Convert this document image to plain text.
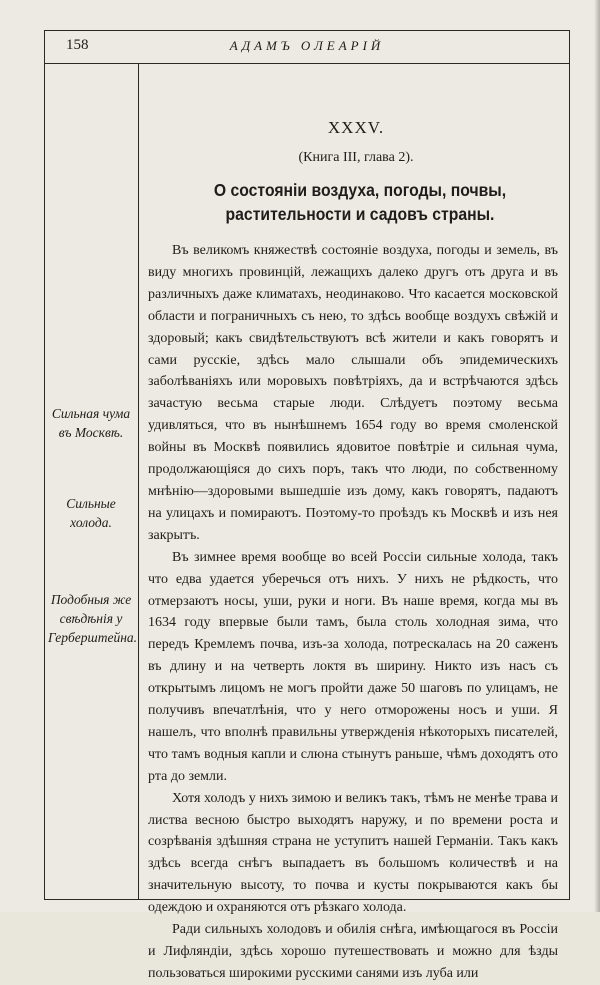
158	АДАМЪ ОЛЕАРІЙ
Сильная чума въ Москвѣ.
Сильные холода.
Подобныя же свѣдѣнія у Герберштейна.
XXXV.
(Книга III, глава 2).
О состояніи воздуха, погоды, почвы, растительности и садовъ страны.

Въ великомъ княжествѣ состояніе воздуха, погоды и земель, въ виду многихъ провинцій, лежащихъ далеко другъ отъ друга и въ различныхъ даже климатахъ, неодинаково. Что касается московской области и пограничныхъ съ нею, то здѣсь вообще воздухъ свѣжій и здоровый; какъ свидѣтельствуютъ всѣ жители и какъ говорятъ и сами русскіе, здѣсь мало слышали объ эпидемическихъ заболѣваніяхъ или моровыхъ повѣтріяхъ, да и встрѣчаются здѣсь зачастую весьма старые люди. Слѣдуетъ поэтому весьма удивляться, что въ нынѣшнемъ 1654 году во время смоленской войны въ Москвѣ появились ядовитое повѣтріе и сильная чума, продолжающіяся до сихъ поръ, такъ что люди, по собственному мнѣнію—здоровыми вышедшіе изъ дому, какъ говорятъ, падаютъ на улицахъ и помираютъ. Поэтому-то проѣздъ къ Москвѣ и изъ нея закрытъ.

Въ зимнее время вообще во всей Россіи сильные холода, такъ что едва удается уберечься отъ нихъ. У нихъ не рѣдкость, что отмерзаютъ носы, уши, руки и ноги. Въ наше время, когда мы въ 1634 году впервые были тамъ, была столь холодная зима, что передъ Кремлемъ почва, изъ-за холода, потрескалась на 20 саженъ въ длину и на четверть локтя въ ширину. Никто изъ насъ съ открытымъ лицомъ не могъ пройти даже 50 шаговъ по улицамъ, не получивъ впечатлѣнія, что у него отморожены носъ и уши. Я нашелъ, что вполнѣ правильны утвержденія нѣкоторыхъ писателей, что тамъ водныя капли и слюна стынутъ раньше, чѣмъ доходятъ ото рта до земли.

Хотя холодъ у нихъ зимою и великъ такъ, тѣмъ не менѣе трава и листва весною быстро выходятъ наружу, и по времени роста и созрѣванія здѣшняя страна не уступитъ нашей Германіи. Такъ какъ здѣсь всегда снѣгъ выпадаетъ въ большомъ количествѣ и на значительную высоту, то почва и кусты покрываются какъ бы одеждою и охраняются отъ рѣзкаго холода.

Ради сильныхъ холодовъ и обилія снѣга, имѣющагося въ Россіи и Лифляндіи, здѣсь хорошо путешествовать и можно для ѣзды пользоваться широкими русскими санями изъ луба или
